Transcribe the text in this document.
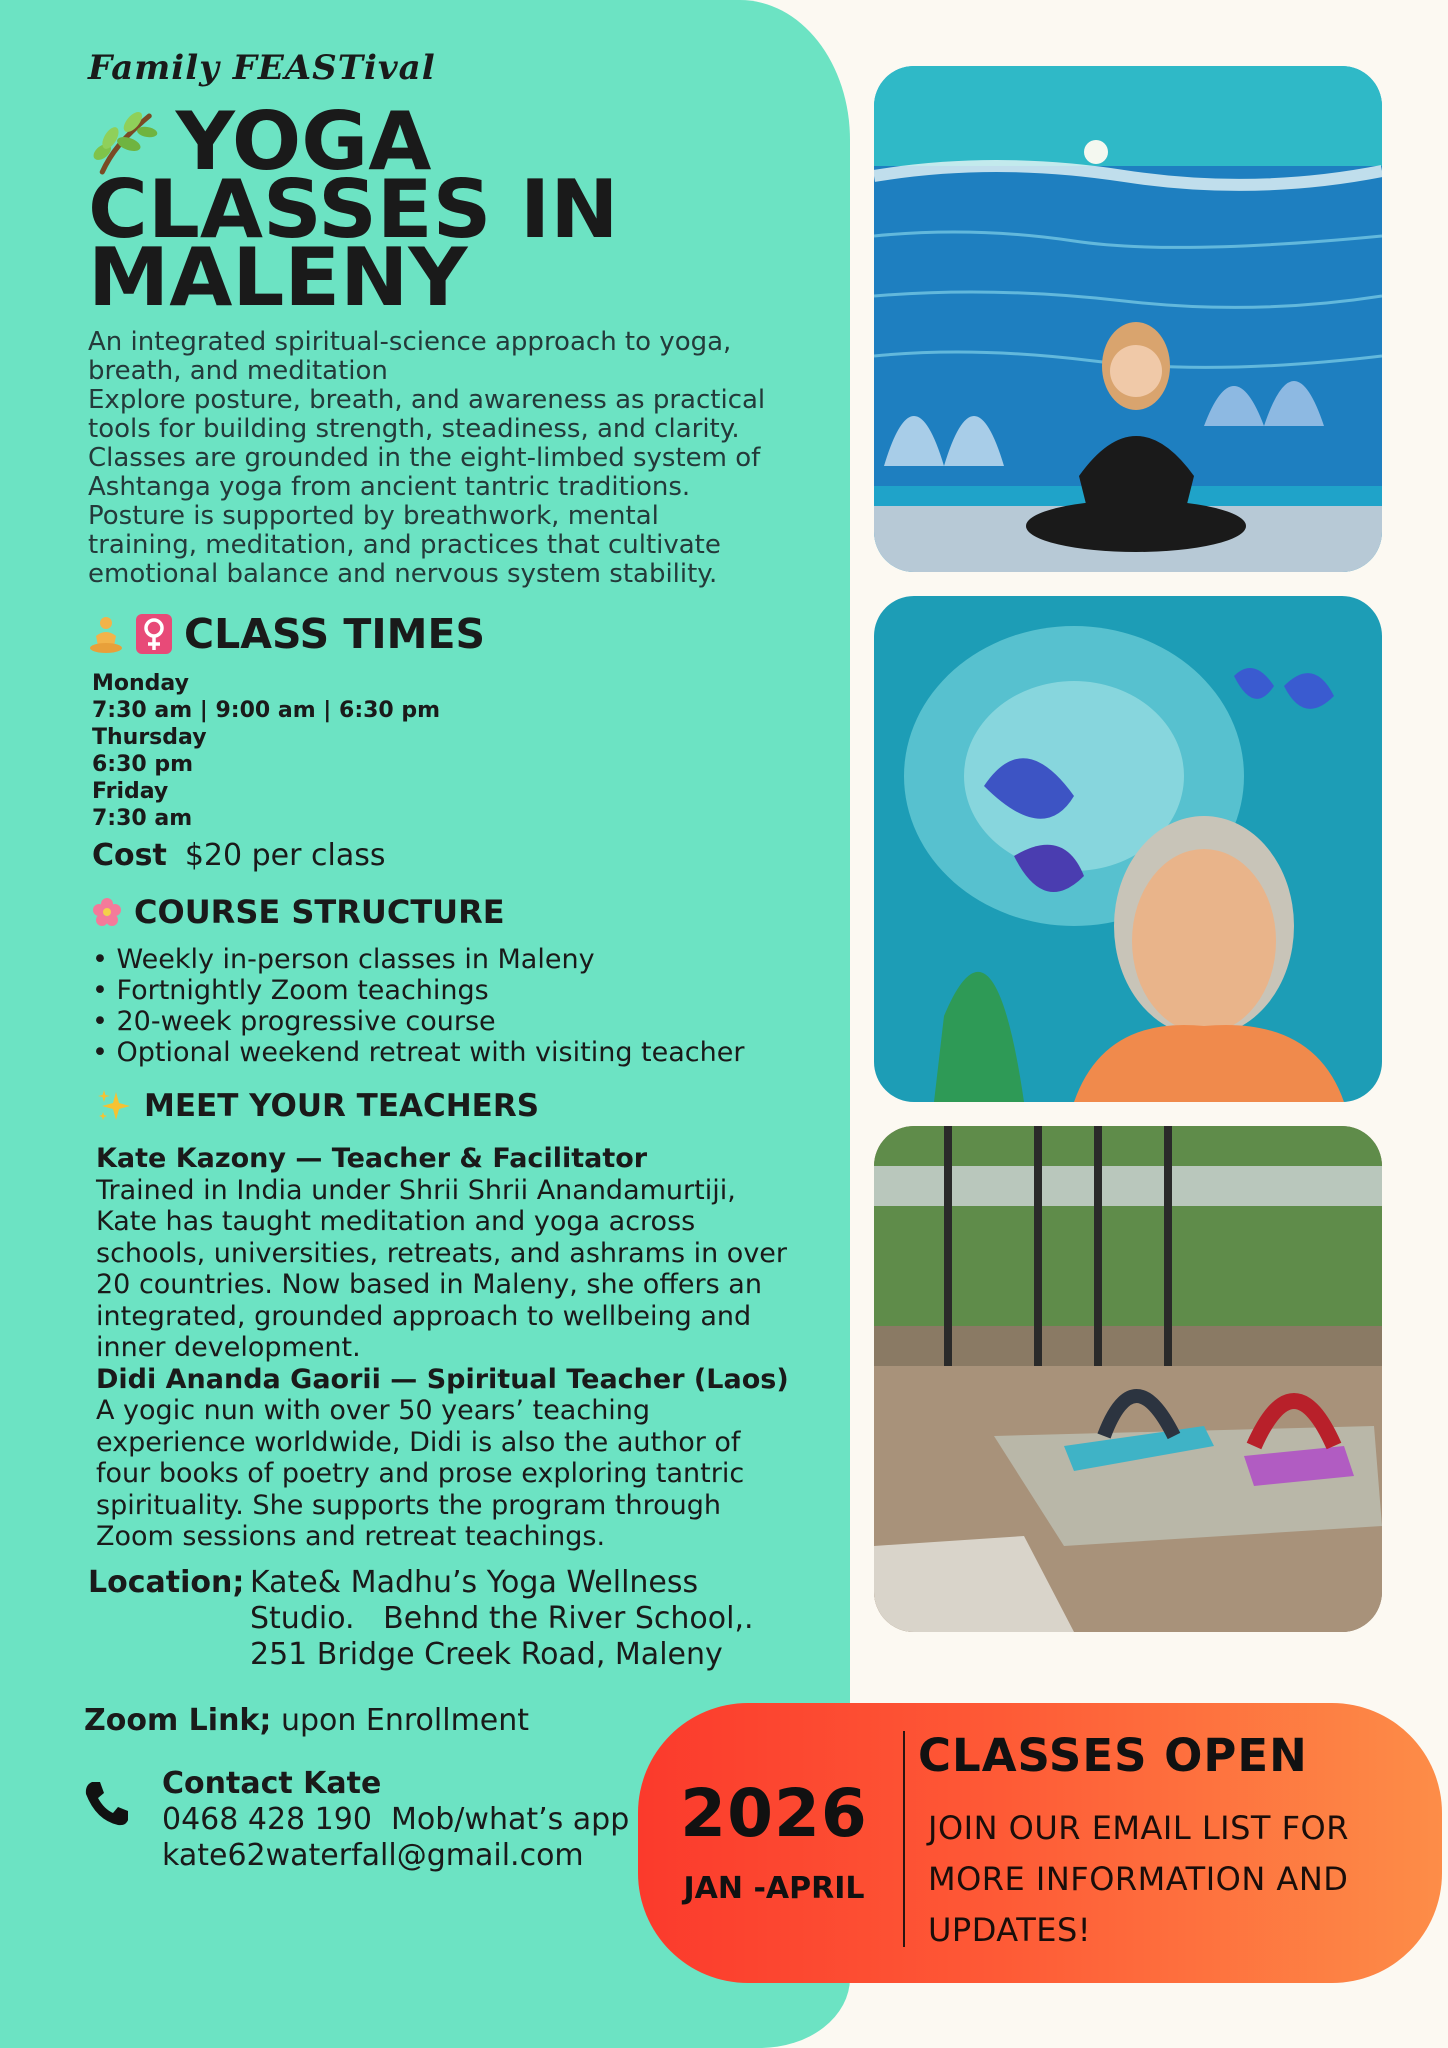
Family FEASTival
YOGA
CLASSES IN
MALENY
An integrated spiritual-science approach to yoga, breath, and meditation
Explore posture, breath, and awareness as practical tools for building strength, steadiness, and clarity. Classes are grounded in the eight-limbed system of Ashtanga yoga from ancient tantric traditions. Posture is supported by breathwork, mental training, meditation, and practices that cultivate emotional balance and nervous system stability.
CLASS TIMES
Monday
7:30 am | 9:00 am | 6:30 pm
Thursday
6:30 pm
Friday
7:30 am
Cost $20 per class
COURSE STRUCTURE
• Weekly in-person classes in Maleny
• Fortnightly Zoom teachings
• 20-week progressive course
• Optional weekend retreat with visiting teacher
MEET YOUR TEACHERS
Kate Kazony — Teacher & Facilitator
Trained in India under Shrii Shrii Anandamurtiji, Kate has taught meditation and yoga across schools, universities, retreats, and ashrams in over 20 countries. Now based in Maleny, she offers an integrated, grounded approach to wellbeing and inner development.
Didi Ananda Gaorii — Spiritual Teacher (Laos)
A yogic nun with over 50 years’ teaching experience worldwide, Didi is also the author of four books of poetry and prose exploring tantric spirituality. She supports the program through Zoom sessions and retreat teachings.
Location; Kate& Madhu’s Yoga Wellness
Studio.   Behnd the River School,.
251 Bridge Creek Road, Maleny
Zoom Link; upon Enrollment
Contact Kate
0468 428 190  Mob/what’s app
kate62waterfall@gmail.com
2026
JAN -APRIL
CLASSES OPEN
JOIN OUR EMAIL LIST FOR MORE INFORMATION AND UPDATES!
